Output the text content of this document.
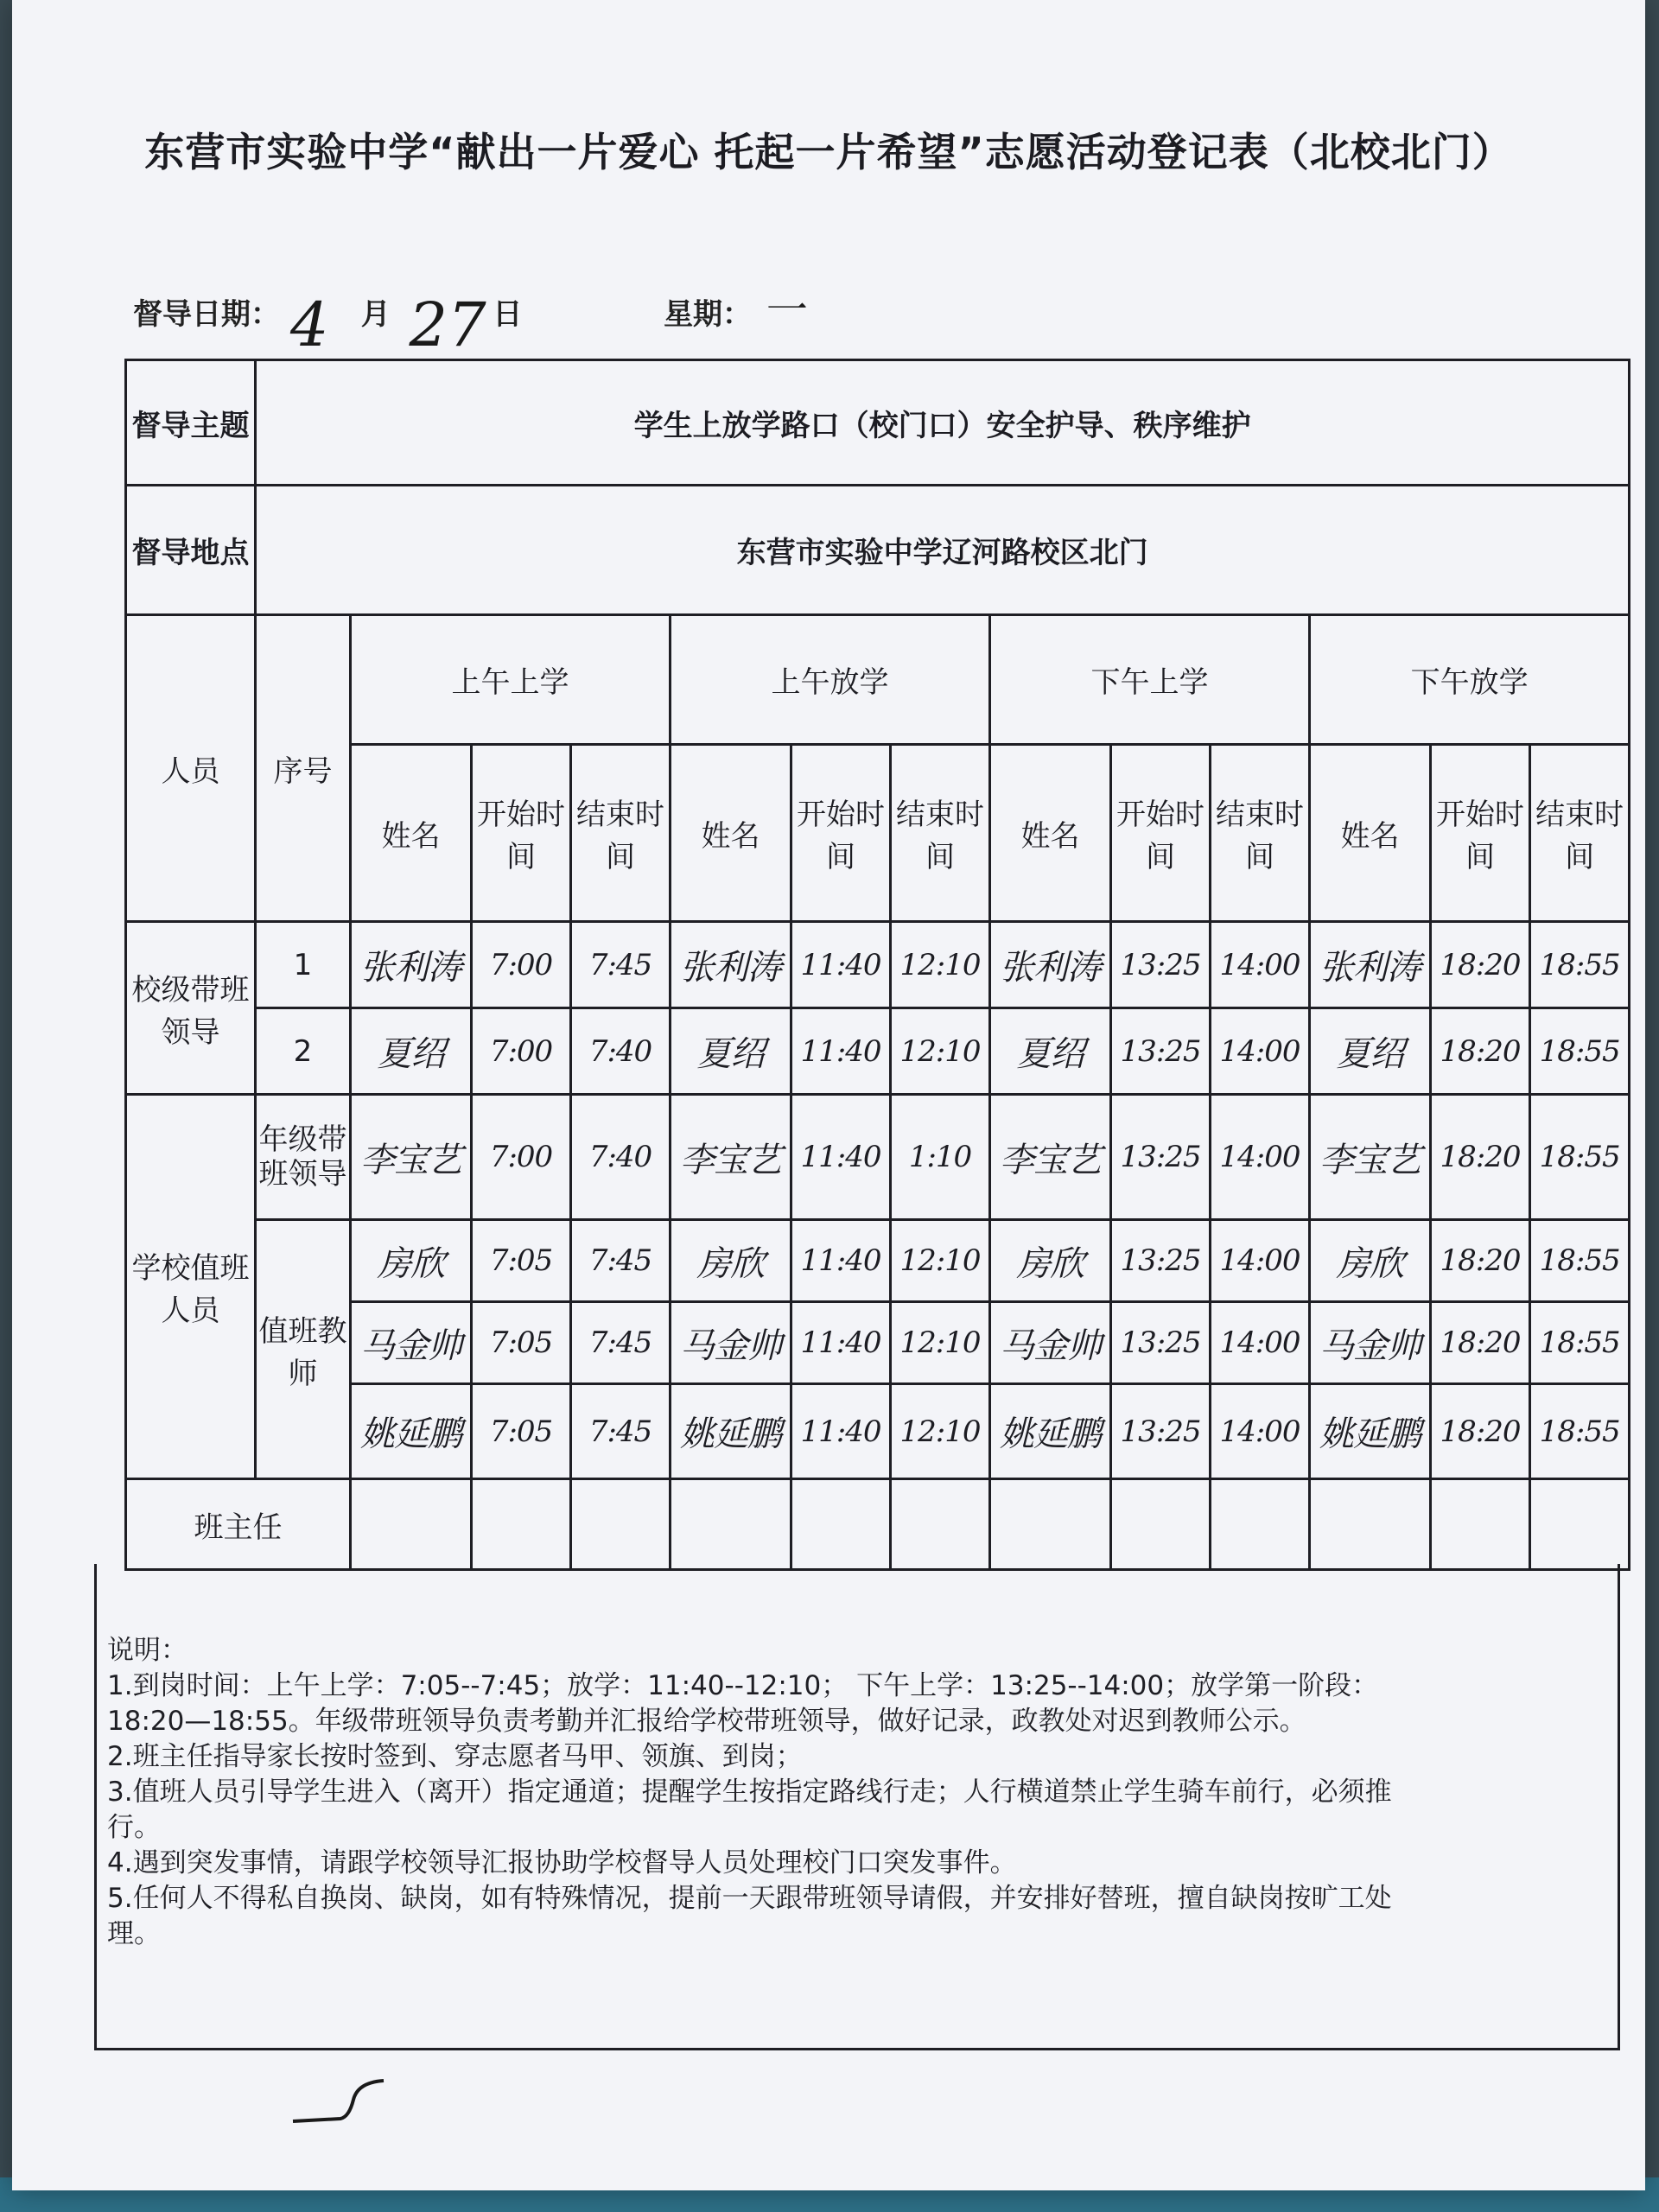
东营市实验中学“献出一片爱心 托起一片希望”志愿活动登记表（北校北门）
督导日期： 4 月 27 日	星期： 一
督导主题	学生上放学路口（校门口）安全护导、秩序维护												
督导地点	东营市实验中学辽河路校区北门												
人员	序号	上午上学			上午放学			下午上学			下午放学		
		姓名	开始时间	结束时间	姓名	开始时间	结束时间	姓名	开始时间	结束时间	姓名	开始时间	结束时间
校级带班领导	1	张利涛	7:00	7:45	张利涛	11:40	12:10	张利涛	13:25	14:00	张利涛	18:20	18:55
	2	夏绍	7:00	7:40	夏绍	11:40	12:10	夏绍	13:25	14:00	夏绍	18:20	18:55
学校值班人员	年级带班领导	李宝艺	7:00	7:40	李宝艺	11:40	1:10	李宝艺	13:25	14:00	李宝艺	18:20	18:55
	值班教师	房欣	7:05	7:45	房欣	11:40	12:10	房欣	13:25	14:00	房欣	18:20	18:55
		马金帅	7:05	7:45	马金帅	11:40	12:10	马金帅	13:25	14:00	马金帅	18:20	18:55
		姚延鹏	7:05	7:45	姚延鹏	11:40	12:10	姚延鹏	13:25	14:00	姚延鹏	18:20	18:55
班主任													
说明：
1.到岗时间：上午上学：7:05--7:45；放学：11:40--12:10； 下午上学：13:25--14:00；放学第一阶段：
18:20—18:55。年级带班领导负责考勤并汇报给学校带班领导，做好记录，政教处对迟到教师公示。
2.班主任指导家长按时签到、穿志愿者马甲、领旗、到岗；
3.值班人员引导学生进入（离开）指定通道；提醒学生按指定路线行走；人行横道禁止学生骑车前行，必须推
行。
4.遇到突发事情，请跟学校领导汇报协助学校督导人员处理校门口突发事件。
5.任何人不得私自换岗、缺岗，如有特殊情况，提前一天跟带班领导请假，并安排好替班，擅自缺岗按旷工处
理。
